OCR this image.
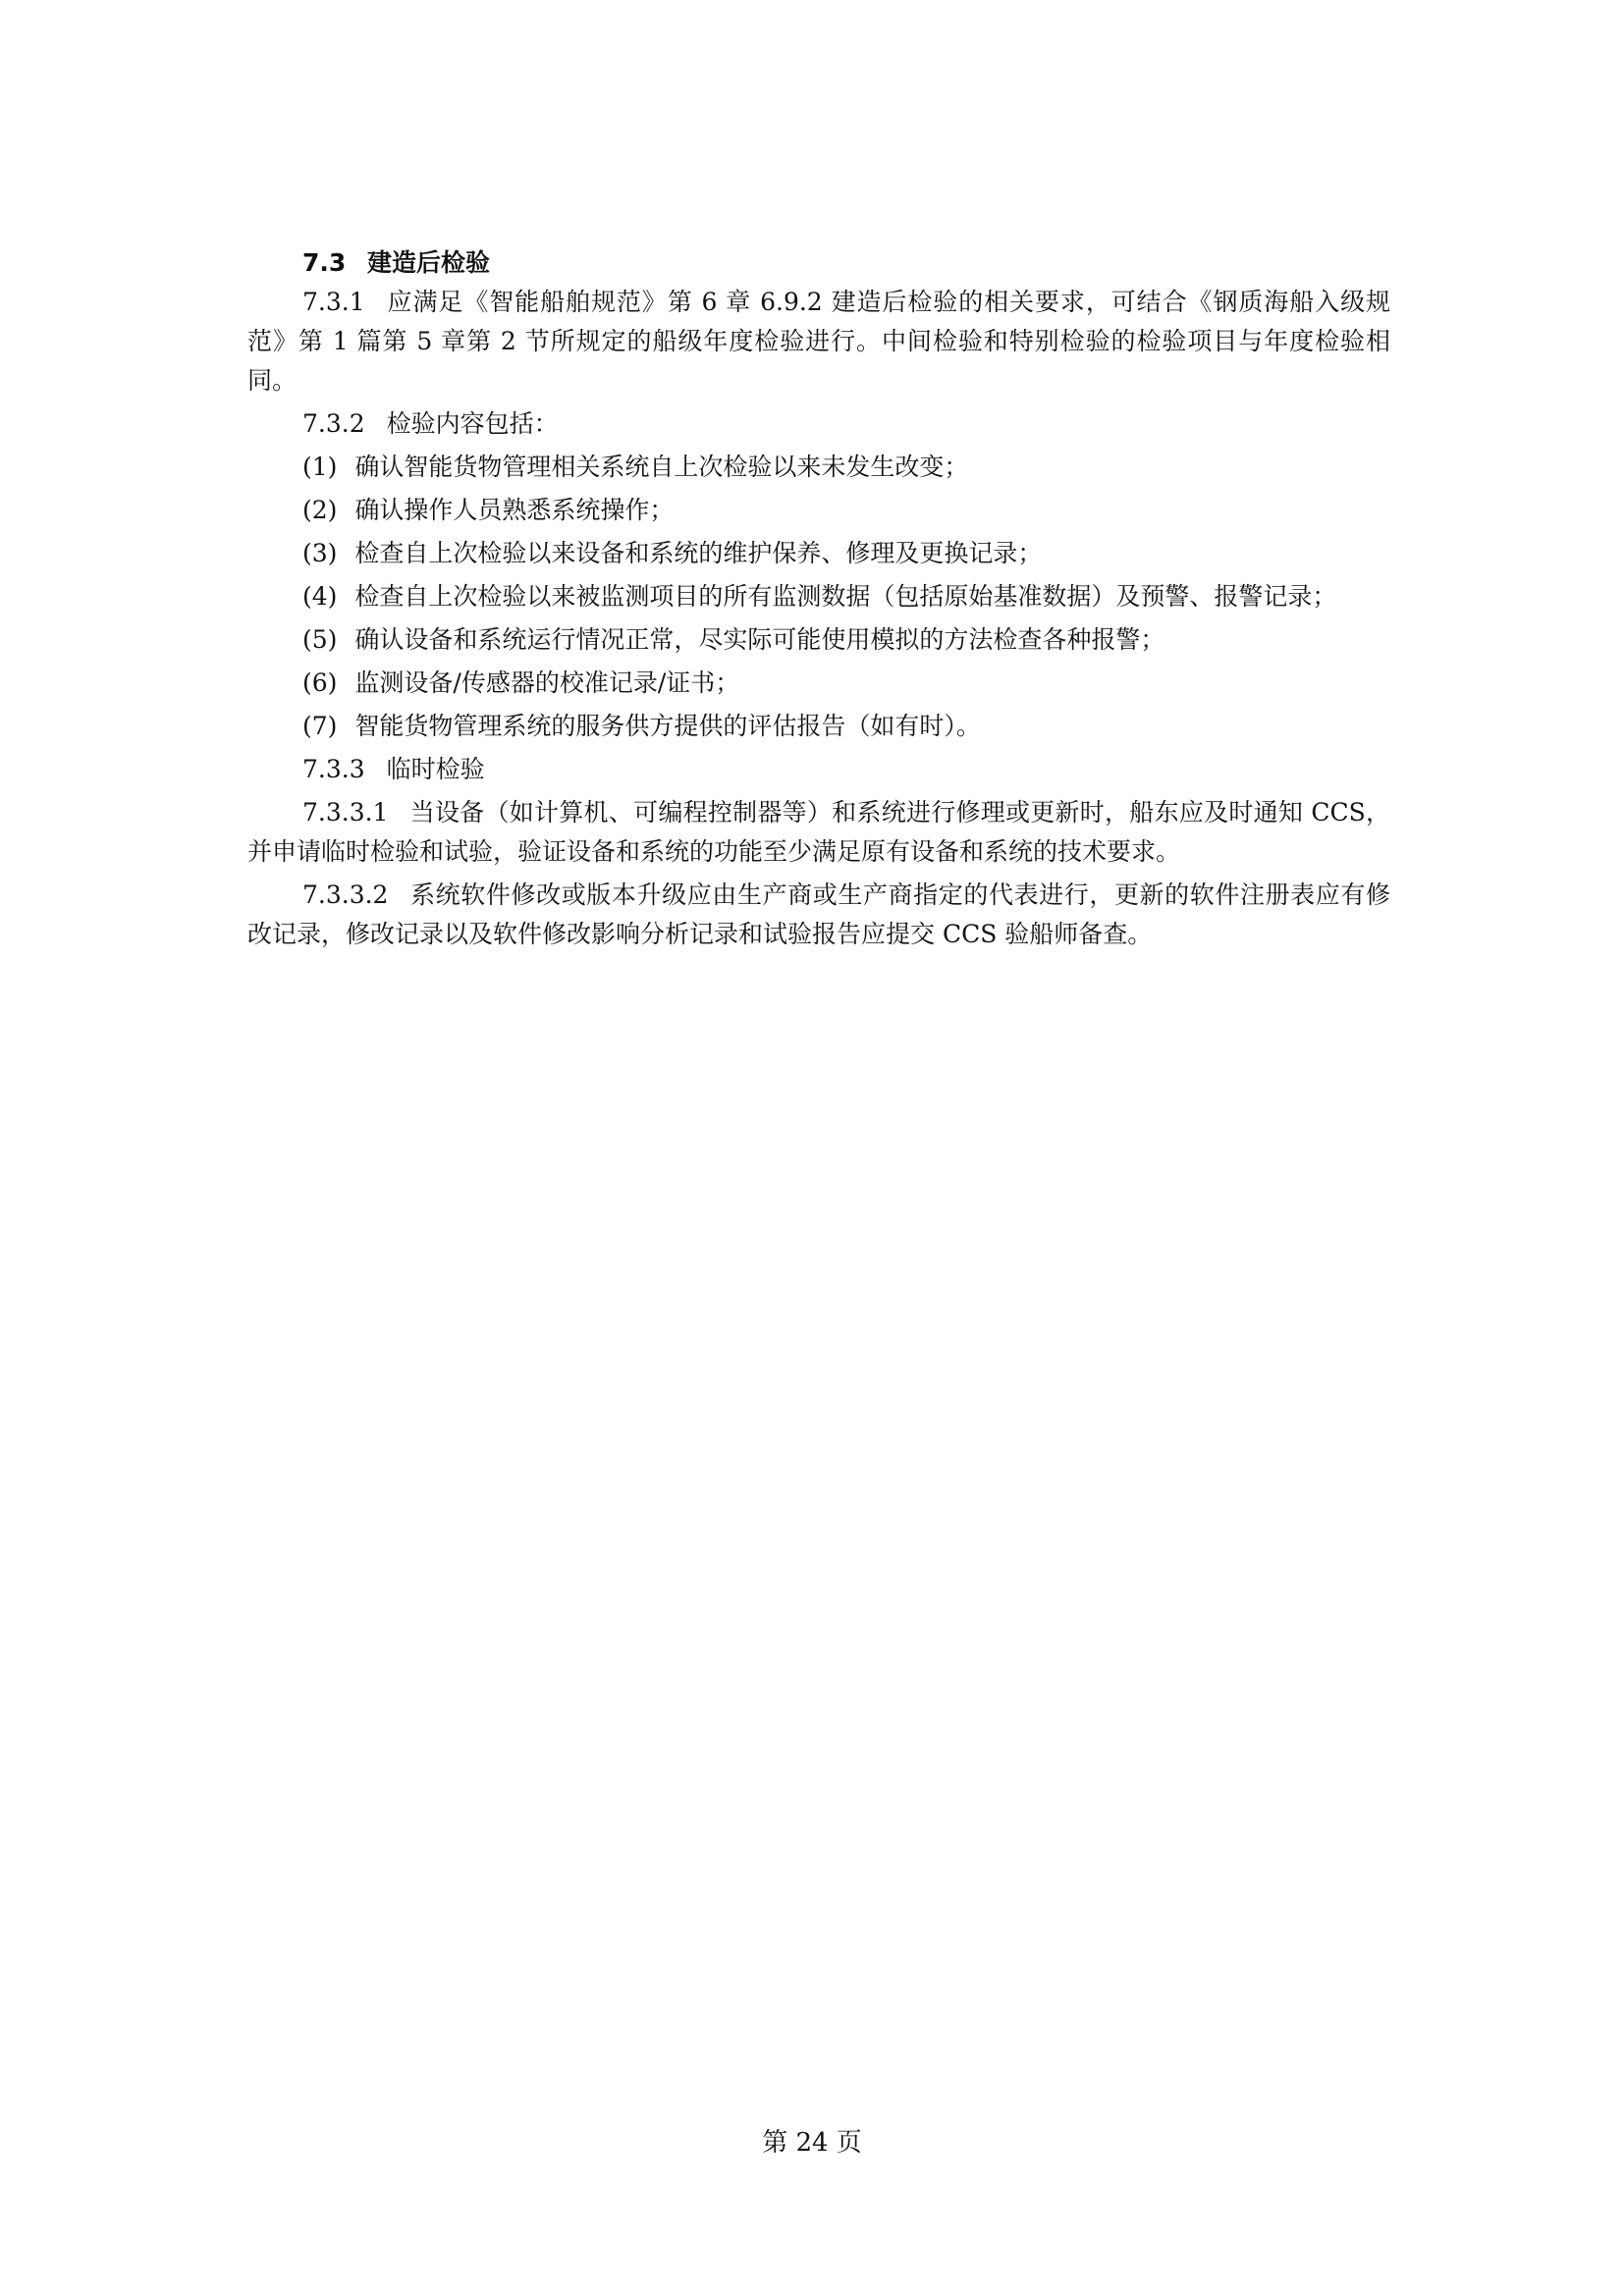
7.3 建造后检验
7.3.1 应满足《智能船舶规范》第 6 章 6.9.2 建造后检验的相关要求，可结合《钢质海船入级规范》第 1 篇第 5 章第 2 节所规定的船级年度检验进行。中间检验和特别检验的检验项目与年度检验相同。
7.3.2 检验内容包括：
(1) 确认智能货物管理相关系统自上次检验以来未发生改变；
(2) 确认操作人员熟悉系统操作；
(3) 检查自上次检验以来设备和系统的维护保养、修理及更换记录；
(4) 检查自上次检验以来被监测项目的所有监测数据（包括原始基准数据）及预警、报警记录；
(5) 确认设备和系统运行情况正常，尽实际可能使用模拟的方法检查各种报警；
(6) 监测设备/传感器的校准记录/证书；
(7) 智能货物管理系统的服务供方提供的评估报告（如有时）。
7.3.3 临时检验
7.3.3.1 当设备（如计算机、可编程控制器等）和系统进行修理或更新时，船东应及时通知 CCS，并申请临时检验和试验，验证设备和系统的功能至少满足原有设备和系统的技术要求。
7.3.3.2 系统软件修改或版本升级应由生产商或生产商指定的代表进行，更新的软件注册表应有修改记录，修改记录以及软件修改影响分析记录和试验报告应提交 CCS 验船师备查。
第 24 页
